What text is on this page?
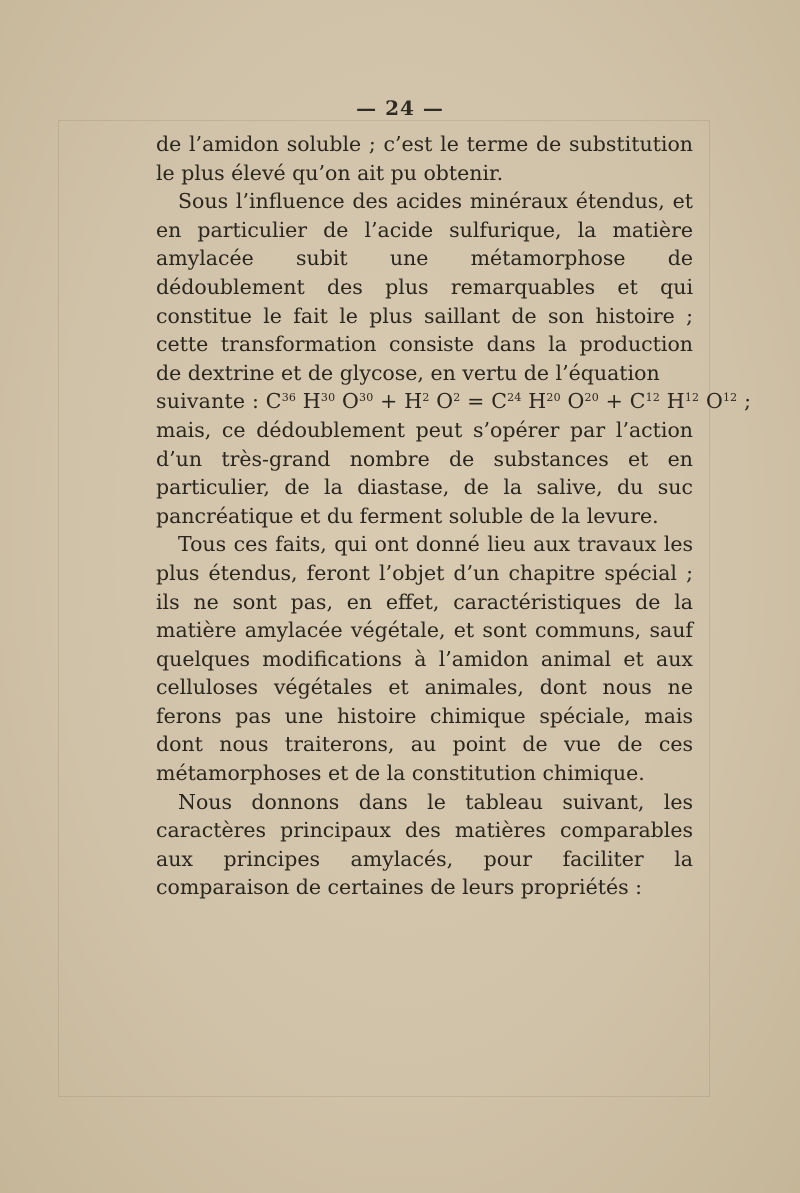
— 24 —

de l’amidon soluble ; c’est le terme de substitution le plus élevé qu’on ait pu obtenir.

Sous l’influence des acides minéraux étendus, et en particulier de l’acide sulfurique, la matière amylacée subit une métamorphose de dédoublement des plus remarquables et qui constitue le fait le plus saillant de son histoire ; cette transformation consiste dans la production de dextrine et de glycose, en vertu de l’équation

suivante : $C^{36}$ $H^{30}$ $O^{30} + H^2$ $O^2 = C^{24}$ $H^{20}$ $O^{20} + C^{12}$ $H^{12}$ $O^{12}$ ;

mais, ce dédoublement peut s’opérer par l’action d’un très-grand nombre de substances et en particulier, de la diastase, de la salive, du suc pancréatique et du ferment soluble de la levure.

Tous ces faits, qui ont donné lieu aux travaux les plus étendus, feront l’objet d’un chapitre spécial ; ils ne sont pas, en effet, caractéristiques de la matière amylacée végétale, et sont communs, sauf quelques modifications à l’amidon animal et aux celluloses végétales et animales, dont nous ne ferons pas une histoire chimique spéciale, mais dont nous traiterons, au point de vue de ces métamorphoses et de la constitution chimique.

Nous donnons dans le tableau suivant, les caractères principaux des matières comparables aux principes amylacés, pour faciliter la comparaison de certaines de leurs propriétés :
